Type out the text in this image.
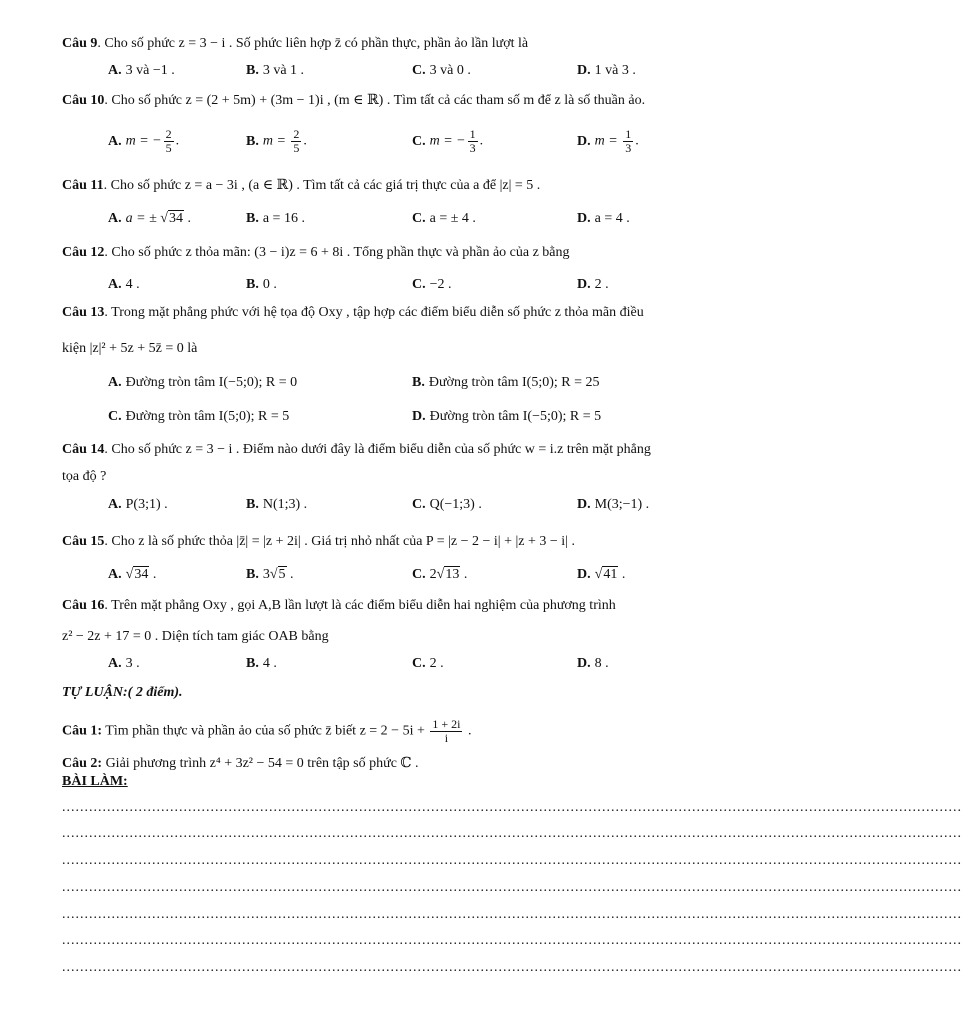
Câu 9. Cho số phức z = 3 − i . Số phức liên hợp z̄ có phần thực, phần ảo lần lượt là
A. 3 và −1 .	B. 3 và 1 .	C. 3 và 0 .	D. 1 và 3 .
Câu 10. Cho số phức z = (2 + 5m) + (3m − 1)i , (m ∈ ℝ) . Tìm tất cả các tham số m để z là số thuần ảo.
A. m = − $\frac{2}{5}$ .	B. $m = \frac{2}{5}$ .	C. m = − $\frac{1}{3}$ .	D. $m = \frac{1}{3}$ .
Câu 11. Cho số phức z = a − 3i , (a ∈ ℝ) . Tìm tất cả các giá trị thực của a để |z| = 5 .
A. a = ± √34 .	B. a = 16 .	C. a = ± 4 .	D. a = 4 .
Câu 12. Cho số phức z thỏa mãn: (3 − i)z = 6 + 8i . Tổng phần thực và phần ảo của z bằng
A. 4 .	B. 0 .	C. −2 .	D. 2 .
Câu 13. Trong mặt phẳng phức với hệ tọa độ Oxy , tập hợp các điểm biểu diễn số phức z thỏa mãn điều
kiện |z|² + 5z + 5z̄ = 0 là
A. Đường tròn tâm I(−5;0); R = 0	B. Đường tròn tâm I(5;0); R = 25
C. Đường tròn tâm I(5;0); R = 5	D. Đường tròn tâm I(−5;0); R = 5
Câu 14. Cho số phức z = 3 − i . Điểm nào dưới đây là điểm biểu diễn của số phức w = i.z trên mặt phẳng
tọa độ ?
A. P(3;1) .	B. N(1;3) .	C. Q(−1;3) .	D. M(3;−1) .
Câu 15. Cho z là số phức thỏa |z̄| = |z + 2i| . Giá trị nhỏ nhất của P = |z − 2 − i| + |z + 3 − i| .
A. √34 .	B. 3√5 .	C. 2√13 .	D. √41 .
Câu 16. Trên mặt phẳng Oxy , gọi A,B lần lượt là các điểm biểu diễn hai nghiệm của phương trình
z² − 2z + 17 = 0 . Diện tích tam giác OAB bằng
A. 3 .	B. 4 .	C. 2 .	D. 8 .
TỰ LUẬN:( 2 điểm).
Câu 1: Tìm phần thực và phần ảo của số phức z̄ biết $z = 2 - 5i + \frac{1 + 2i}{i}$ .
Câu 2: Giải phương trình z⁴ + 3z² − 54 = 0 trên tập số phức ℂ .
BÀI LÀM:
........................................................................................................................................................................................................
........................................................................................................................................................................................................
........................................................................................................................................................................................................
........................................................................................................................................................................................................
........................................................................................................................................................................................................
........................................................................................................................................................................................................
........................................................................................................................................................................................................
